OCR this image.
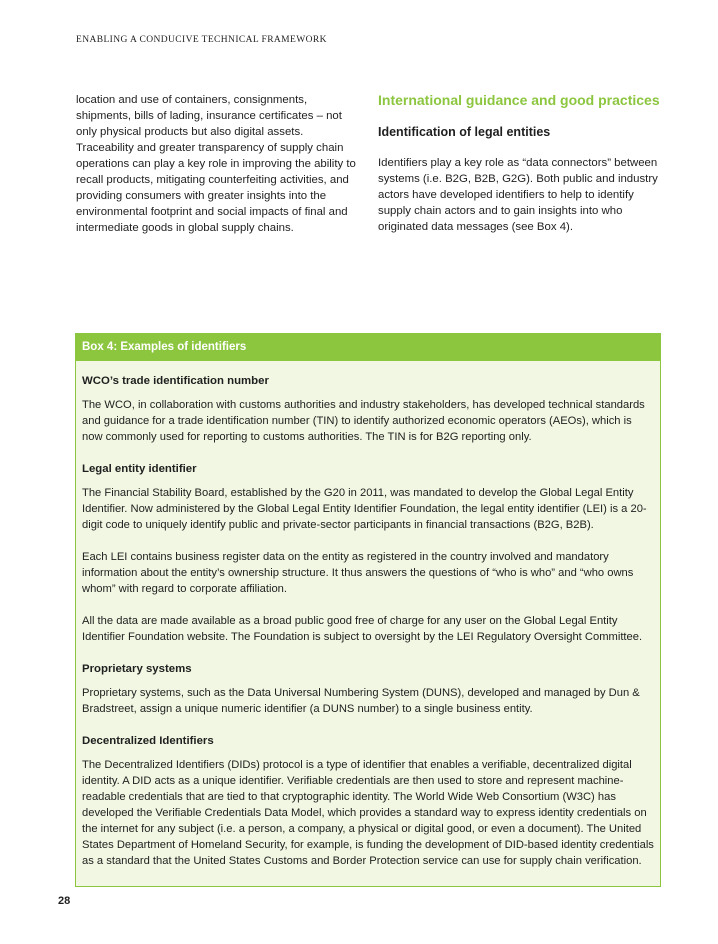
ENABLING A CONDUCIVE TECHNICAL FRAMEWORK

location and use of containers, consignments, shipments, bills of lading, insurance certificates – not only physical products but also digital assets. Traceability and greater transparency of supply chain operations can play a key role in improving the ability to recall products, mitigating counterfeiting activities, and providing consumers with greater insights into the environmental footprint and social impacts of final and intermediate goods in global supply chains.

International guidance and good practices
Identification of legal entities

Identifiers play a key role as “data connectors” between systems (i.e. B2G, B2B, G2G). Both public and industry actors have developed identifiers to help to identify supply chain actors and to gain insights into who originated data messages (see Box 4).

Box 4: Examples of identifiers
WCO’s trade identification number

The WCO, in collaboration with customs authorities and industry stakeholders, has developed technical standards and guidance for a trade identification number (TIN) to identify authorized economic operators (AEOs), which is now commonly used for reporting to customs authorities. The TIN is for B2G reporting only.

Legal entity identifier

The Financial Stability Board, established by the G20 in 2011, was mandated to develop the Global Legal Entity Identifier. Now administered by the Global Legal Entity Identifier Foundation, the legal entity identifier (LEI) is a 20-digit code to uniquely identify public and private-sector participants in financial transactions (B2G, B2B).

Each LEI contains business register data on the entity as registered in the country involved and mandatory information about the entity’s ownership structure. It thus answers the questions of “who is who” and “who owns whom” with regard to corporate affiliation.

All the data are made available as a broad public good free of charge for any user on the Global Legal Entity Identifier Foundation website. The Foundation is subject to oversight by the LEI Regulatory Oversight Committee.

Proprietary systems

Proprietary systems, such as the Data Universal Numbering System (DUNS), developed and managed by Dun & Bradstreet, assign a unique numeric identifier (a DUNS number) to a single business entity.

Decentralized Identifiers

The Decentralized Identifiers (DIDs) protocol is a type of identifier that enables a verifiable, decentralized digital identity. A DID acts as a unique identifier. Verifiable credentials are then used to store and represent machine-readable credentials that are tied to that cryptographic identity. The World Wide Web Consortium (W3C) has developed the Verifiable Credentials Data Model, which provides a standard way to express identity credentials on the internet for any subject (i.e. a person, a company, a physical or digital good, or even a document). The United States Department of Homeland Security, for example, is funding the development of DID-based identity credentials as a standard that the United States Customs and Border Protection service can use for supply chain verification.

28
